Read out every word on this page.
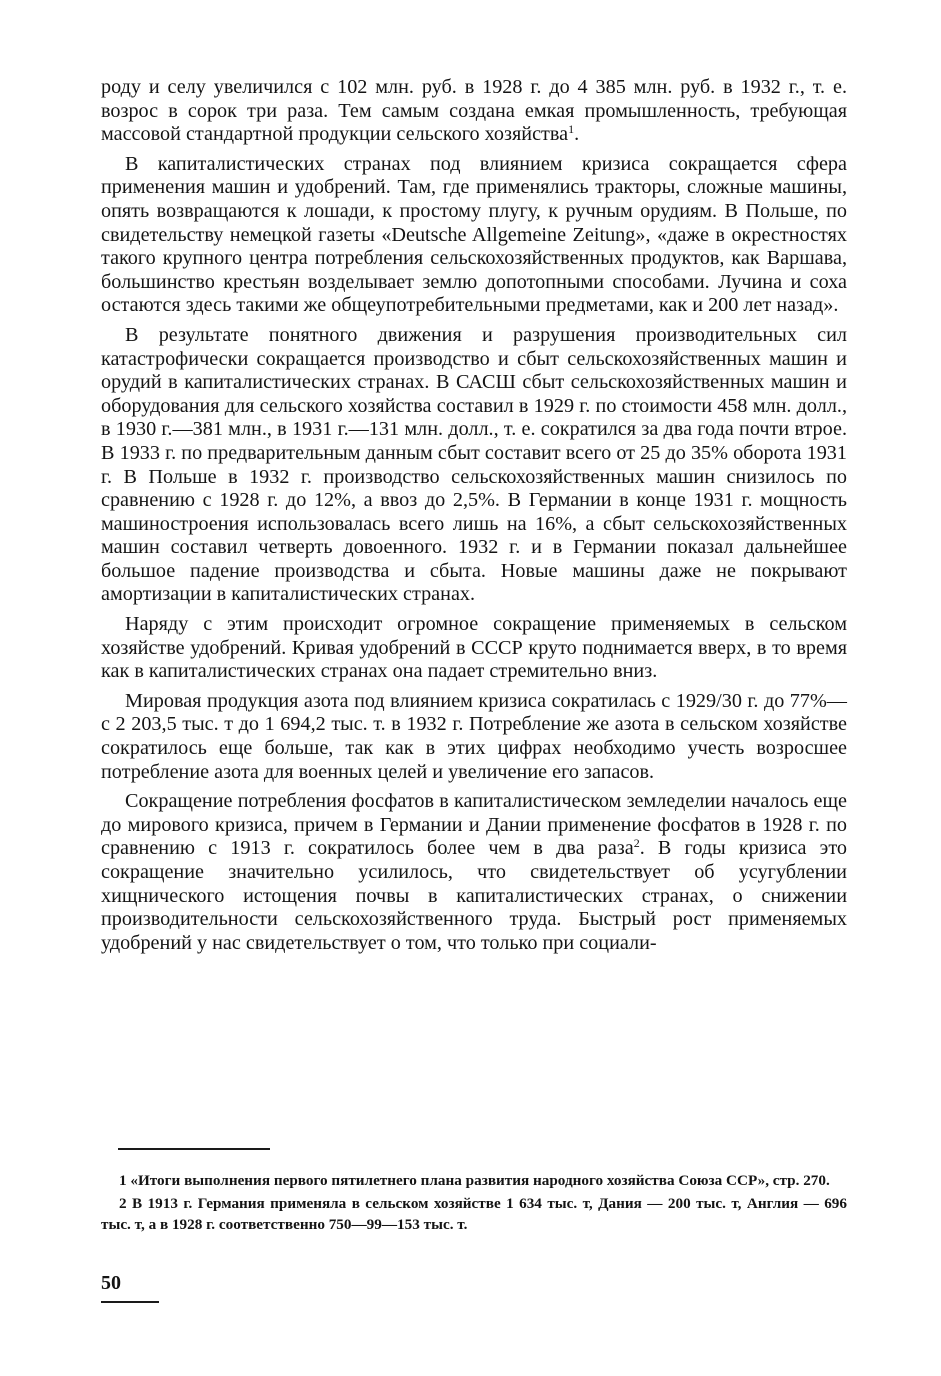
роду и селу увеличился с 102 млн. руб. в 1928 г. до 4 385 млн. руб. в 1932 г., т. е. возрос в сорок три раза. Тем самым создана емкая промышленность, требующая массовой стандартной продукции сельского хозяйства$^1$.

В капиталистических странах под влиянием кризиса сокращается сфера применения машин и удобрений. Там, где применялись тракторы, сложные машины, опять возвращаются к лошади, к простому плугу, к ручным орудиям. В Польше, по свидетельству немецкой газеты «Deutsche Allgemeine Zeitung», «даже в окрестностях такого крупного центра потребления сельскохозяйственных продуктов, как Варшава, большинство крестьян возделывает землю допотопными способами. Лучина и соха остаются здесь такими же общеупотребительными предметами, как и 200 лет назад».

В результате понятного движения и разрушения производительных сил катастрофически сокращается производство и сбыт сельскохозяйственных машин и орудий в капиталистических странах. В САСШ сбыт сельскохозяйственных машин и оборудования для сельского хозяйства составил в 1929 г. по стоимости 458 млн. долл., в 1930 г.—381 млн., в 1931 г.—131 млн. долл., т. е. сократился за два года почти втрое. В 1933 г. по предварительным данным сбыт составит всего от 25 до 35% оборота 1931 г. В Польше в 1932 г. производство сельскохозяйственных машин снизилось по сравнению с 1928 г. до 12%, а ввоз до 2,5%. В Германии в конце 1931 г. мощность машиностроения использовалась всего лишь на 16%, а сбыт сельскохозяйственных машин составил четверть довоенного. 1932 г. и в Германии показал дальнейшее большое падение производства и сбыта. Новые машины даже не покрывают амортизации в капиталистических странах.

Наряду с этим происходит огромное сокращение применяемых в сельском хозяйстве удобрений. Кривая удобрений в СССР круто поднимается вверх, в то время как в капиталистических странах она падает стремительно вниз.

Мировая продукция азота под влиянием кризиса сократилась с 1929/30 г. до 77%—с 2 203,5 тыс. т до 1 694,2 тыс. т. в 1932 г. Потребление же азота в сельском хозяйстве сократилось еще больше, так как в этих цифрах необходимо учесть возросшее потребление азота для военных целей и увеличение его запасов.

Сокращение потребления фосфатов в капиталистическом земледелии началось еще до мирового кризиса, причем в Германии и Дании применение фосфатов в 1928 г. по сравнению с 1913 г. сократилось более чем в два раза$^2$. В годы кризиса это сокращение значительно усилилось, что свидетельствует об усугублении хищнического истощения почвы в капиталистических странах, о снижении производительности сельскохозяйственного труда. Быстрый рост применяемых удобрений у нас свидетельствует о том, что только при социали-

1 «Итоги выполнения первого пятилетнего плана развития народного хозяйства Союза ССР», стр. 270.

2 В 1913 г. Германия применяла в сельском хозяйстве 1 634 тыс. т, Дания — 200 тыс. т, Англия — 696 тыс. т, а в 1928 г. соответственно 750—99—153 тыс. т.

50
